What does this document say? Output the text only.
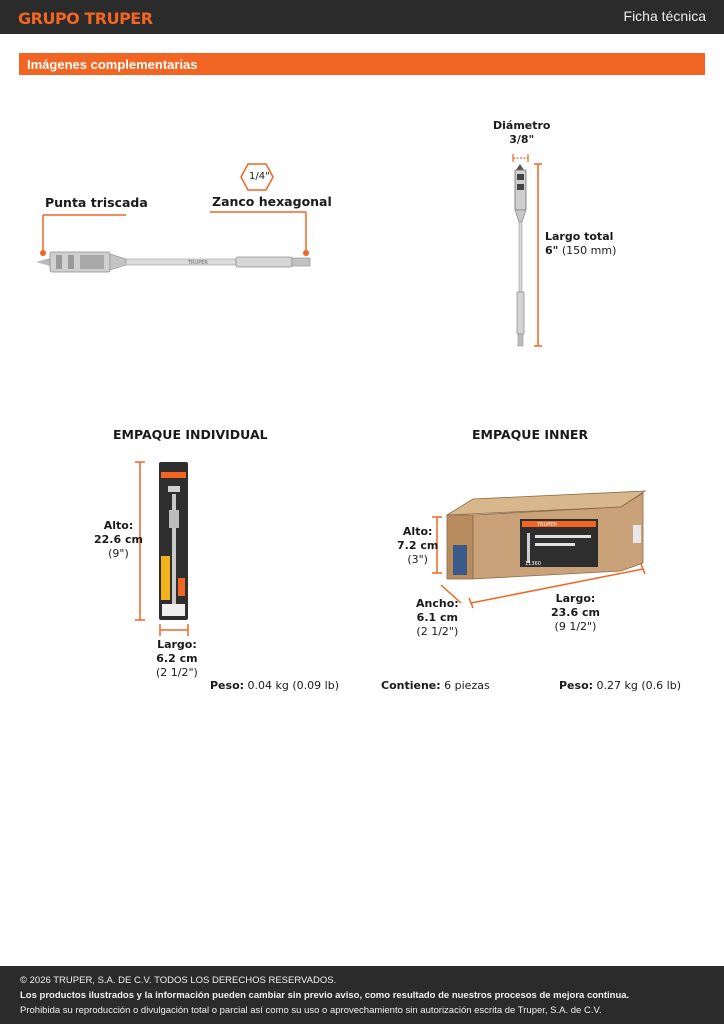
GRUPO TRUPER	Ficha técnica
Imágenes complementarias
TRUPER
Punta triscada	Zanco hexagonal
1/4"
Diámetro
3/8"
Largo total
6" (150 mm)
EMPAQUE INDIVIDUAL
Alto:
22.6 cm
(9")
Largo:
6.2 cm
(2 1/2")
Peso: 0.04 kg (0.09 lb)
EMPAQUE INNER
TRUPER
11360
Alto:
7.2 cm
(3")
Ancho:
6.1 cm
(2 1/2")
Largo:
23.6 cm
(9 1/2")
Contiene: 6 piezas	Peso: 0.27 kg (0.6 lb)

© 2026 TRUPER, S.A. DE C.V. TODOS LOS DERECHOS RESERVADOS.

Los productos ilustrados y la información pueden cambiar sin previo aviso, como resultado de nuestros procesos de mejora continua.

Prohibida su reproducción o divulgación total o parcial así como su uso o aprovechamiento sin autorización escrita de Truper, S.A. de C.V.
